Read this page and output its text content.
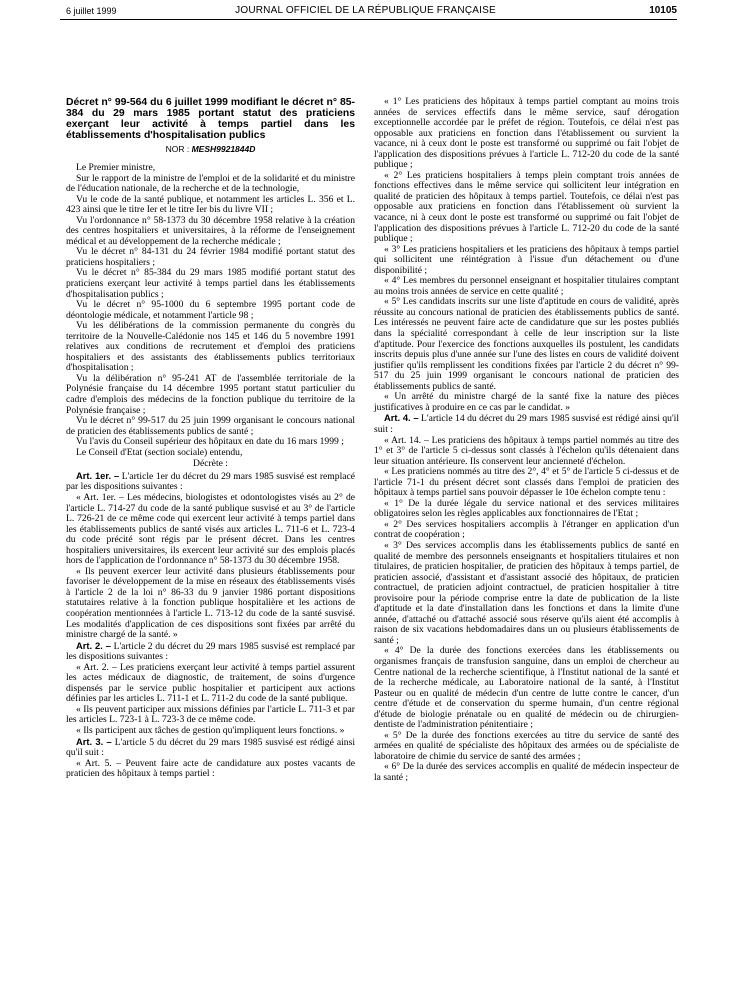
6 juillet 1999	JOURNAL OFFICIEL DE LA RÉPUBLIQUE FRANÇAISE	10105
Décret n° 99-564 du 6 juillet 1999 modifiant le décret n° 85-384 du 29 mars 1985 portant statut des praticiens exerçant leur activité à temps partiel dans les établissements d'hospitalisation publics
NOR : MESH9921844D

Le Premier ministre,

Sur le rapport de la ministre de l'emploi et de la solidarité et du ministre de l'éducation nationale, de la recherche et de la technologie,

Vu le code de la santé publique, et notamment les articles L. 356 et L. 423 ainsi que le titre Ier et le titre Ier bis du livre VII ;

Vu l'ordonnance n° 58-1373 du 30 décembre 1958 relative à la création des centres hospitaliers et universitaires, à la réforme de l'enseignement médical et au développement de la recherche médicale ;

Vu le décret n° 84-131 du 24 février 1984 modifié portant statut des praticiens hospitaliers ;

Vu le décret n° 85-384 du 29 mars 1985 modifié portant statut des praticiens exerçant leur activité à temps partiel dans les établissements d'hospitalisation publics ;

Vu le décret n° 95-1000 du 6 septembre 1995 portant code de déontologie médicale, et notamment l'article 98 ;

Vu les délibérations de la commission permanente du congrès du territoire de la Nouvelle-Calédonie nos 145 et 146 du 5 novembre 1991 relatives aux conditions de recrutement et d'emploi des praticiens hospitaliers et des assistants des établissements publics territoriaux d'hospitalisation ;

Vu la délibération n° 95-241 AT de l'assemblée territoriale de la Polynésie française du 14 décembre 1995 portant statut particulier du cadre d'emplois des médecins de la fonction publique du territoire de la Polynésie française ;

Vu le décret n° 99-517 du 25 juin 1999 organisant le concours national de praticien des établissements publics de santé ;

Vu l'avis du Conseil supérieur des hôpitaux en date du 16 mars 1999 ;

Le Conseil d'Etat (section sociale) entendu,

Décrète :

Art. 1er. – L'article 1er du décret du 29 mars 1985 susvisé est remplacé par les dispositions suivantes :

« Art. 1er. – Les médecins, biologistes et odontologistes visés au 2° de l'article L. 714-27 du code de la santé publique susvisé et au 3° de l'article L. 726-21 de ce même code qui exercent leur activité à temps partiel dans les établissements publics de santé visés aux articles L. 711-6 et L. 723-4 du code précité sont régis par le présent décret. Dans les centres hospitaliers universitaires, ils exercent leur activité sur des emplois placés hors de l'application de l'ordonnance n° 58-1373 du 30 décembre 1958.

« Ils peuvent exercer leur activité dans plusieurs établissements pour favoriser le développement de la mise en réseaux des établissements visés à l'article 2 de la loi n° 86-33 du 9 janvier 1986 portant dispositions statutaires relative à la fonction publique hospitalière et les actions de coopération mentionnées à l'article L. 713-12 du code de la santé susvisé. Les modalités d'application de ces dispositions sont fixées par arrêté du ministre chargé de la santé. »

Art. 2. – L'article 2 du décret du 29 mars 1985 susvisé est remplacé par les dispositions suivantes :

« Art. 2. – Les praticiens exerçant leur activité à temps partiel assurent les actes médicaux de diagnostic, de traitement, de soins d'urgence dispensés par le service public hospitalier et participent aux actions définies par les articles L. 711-1 et L. 711-2 du code de la santé publique.

« Ils peuvent participer aux missions définies par l'article L. 711-3 et par les articles L. 723-1 à L. 723-3 de ce même code.

« Ils participent aux tâches de gestion qu'impliquent leurs fonctions. »

Art. 3. – L'article 5 du décret du 29 mars 1985 susvisé est rédigé ainsi qu'il suit :

« Art. 5. – Peuvent faire acte de candidature aux postes vacants de praticien des hôpitaux à temps partiel :

« 1° Les praticiens des hôpitaux à temps partiel comptant au moins trois années de services effectifs dans le même service, sauf dérogation exceptionnelle accordée par le préfet de région. Toutefois, ce délai n'est pas opposable aux praticiens en fonction dans l'établissement ou survient la vacance, ni à ceux dont le poste est transformé ou supprimé ou fait l'objet de l'application des dispositions prévues à l'article L. 712-20 du code de la santé publique ;

« 2° Les praticiens hospitaliers à temps plein comptant trois années de fonctions effectives dans le même service qui sollicitent leur intégration en qualité de praticien des hôpitaux à temps partiel. Toutefois, ce délai n'est pas opposable aux praticiens en fonction dans l'établissement où survient la vacance, ni à ceux dont le poste est transformé ou supprimé ou fait l'objet de l'application des dispositions prévues à l'article L. 712-20 du code de la santé publique ;

« 3° Les praticiens hospitaliers et les praticiens des hôpitaux à temps partiel qui sollicitent une réintégration à l'issue d'un détachement ou d'une disponibilité ;

« 4° Les membres du personnel enseignant et hospitalier titulaires comptant au moins trois années de service en cette qualité ;

« 5° Les candidats inscrits sur une liste d'aptitude en cours de validité, après réussite au concours national de praticien des établissements publics de santé. Les intéressés ne peuvent faire acte de candidature que sur les postes publiés dans la spécialité correspondant à celle de leur inscription sur la liste d'aptitude. Pour l'exercice des fonctions auxquelles ils postulent, les candidats inscrits depuis plus d'une année sur l'une des listes en cours de validité doivent justifier qu'ils remplissent les conditions fixées par l'article 2 du décret n° 99-517 du 25 juin 1999 organisant le concours national de praticien des établissements publics de santé.

« Un arrêté du ministre chargé de la santé fixe la nature des pièces justificatives à produire en ce cas par le candidat. »

Art. 4. – L'article 14 du décret du 29 mars 1985 susvisé est rédigé ainsi qu'il suit :

« Art. 14. – Les praticiens des hôpitaux à temps partiel nommés au titre des 1° et 3° de l'article 5 ci-dessus sont classés à l'échelon qu'ils détenaient dans leur situation antérieure. Ils conservent leur ancienneté d'échelon.

« Les praticiens nommés au titre des 2°, 4° et 5° de l'article 5 ci-dessus et de l'article 71-1 du présent décret sont classés dans l'emploi de praticien des hôpitaux à temps partiel sans pouvoir dépasser le 10e échelon compte tenu :

« 1° De la durée légale du service national et des services militaires obligatoires selon les règles applicables aux fonctionnaires de l'Etat ;

« 2° Des services hospitaliers accomplis à l'étranger en application d'un contrat de coopération ;

« 3° Des services accomplis dans les établissements publics de santé en qualité de membre des personnels enseignants et hospitaliers titulaires et non titulaires, de praticien hospitalier, de praticien des hôpitaux à temps partiel, de praticien associé, d'assistant et d'assistant associé des hôpitaux, de praticien contractuel, de praticien adjoint contractuel, de praticien hospitalier à titre provisoire pour la période comprise entre la date de publication de la liste d'aptitude et la date d'installation dans les fonctions et dans la limite d'une année, d'attaché ou d'attaché associé sous réserve qu'ils aient été accomplis à raison de six vacations hebdomadaires dans un ou plusieurs établissements de santé ;

« 4° De la durée des fonctions exercées dans les établissements ou organismes français de transfusion sanguine, dans un emploi de chercheur au Centre national de la recherche scientifique, à l'Institut national de la santé et de la recherche médicale, au Laboratoire national de la santé, à l'Institut Pasteur ou en qualité de médecin d'un centre de lutte contre le cancer, d'un centre d'étude et de conservation du sperme humain, d'un centre régional d'étude de biologie prénatale ou en qualité de médecin ou de chirurgien-dentiste de l'administration pénitentiaire ;

« 5° De la durée des fonctions exercées au titre du service de santé des armées en qualité de spécialiste des hôpitaux des armées ou de spécialiste de laboratoire de chimie du service de santé des armées ;

« 6° De la durée des services accomplis en qualité de médecin inspecteur de la santé ;
